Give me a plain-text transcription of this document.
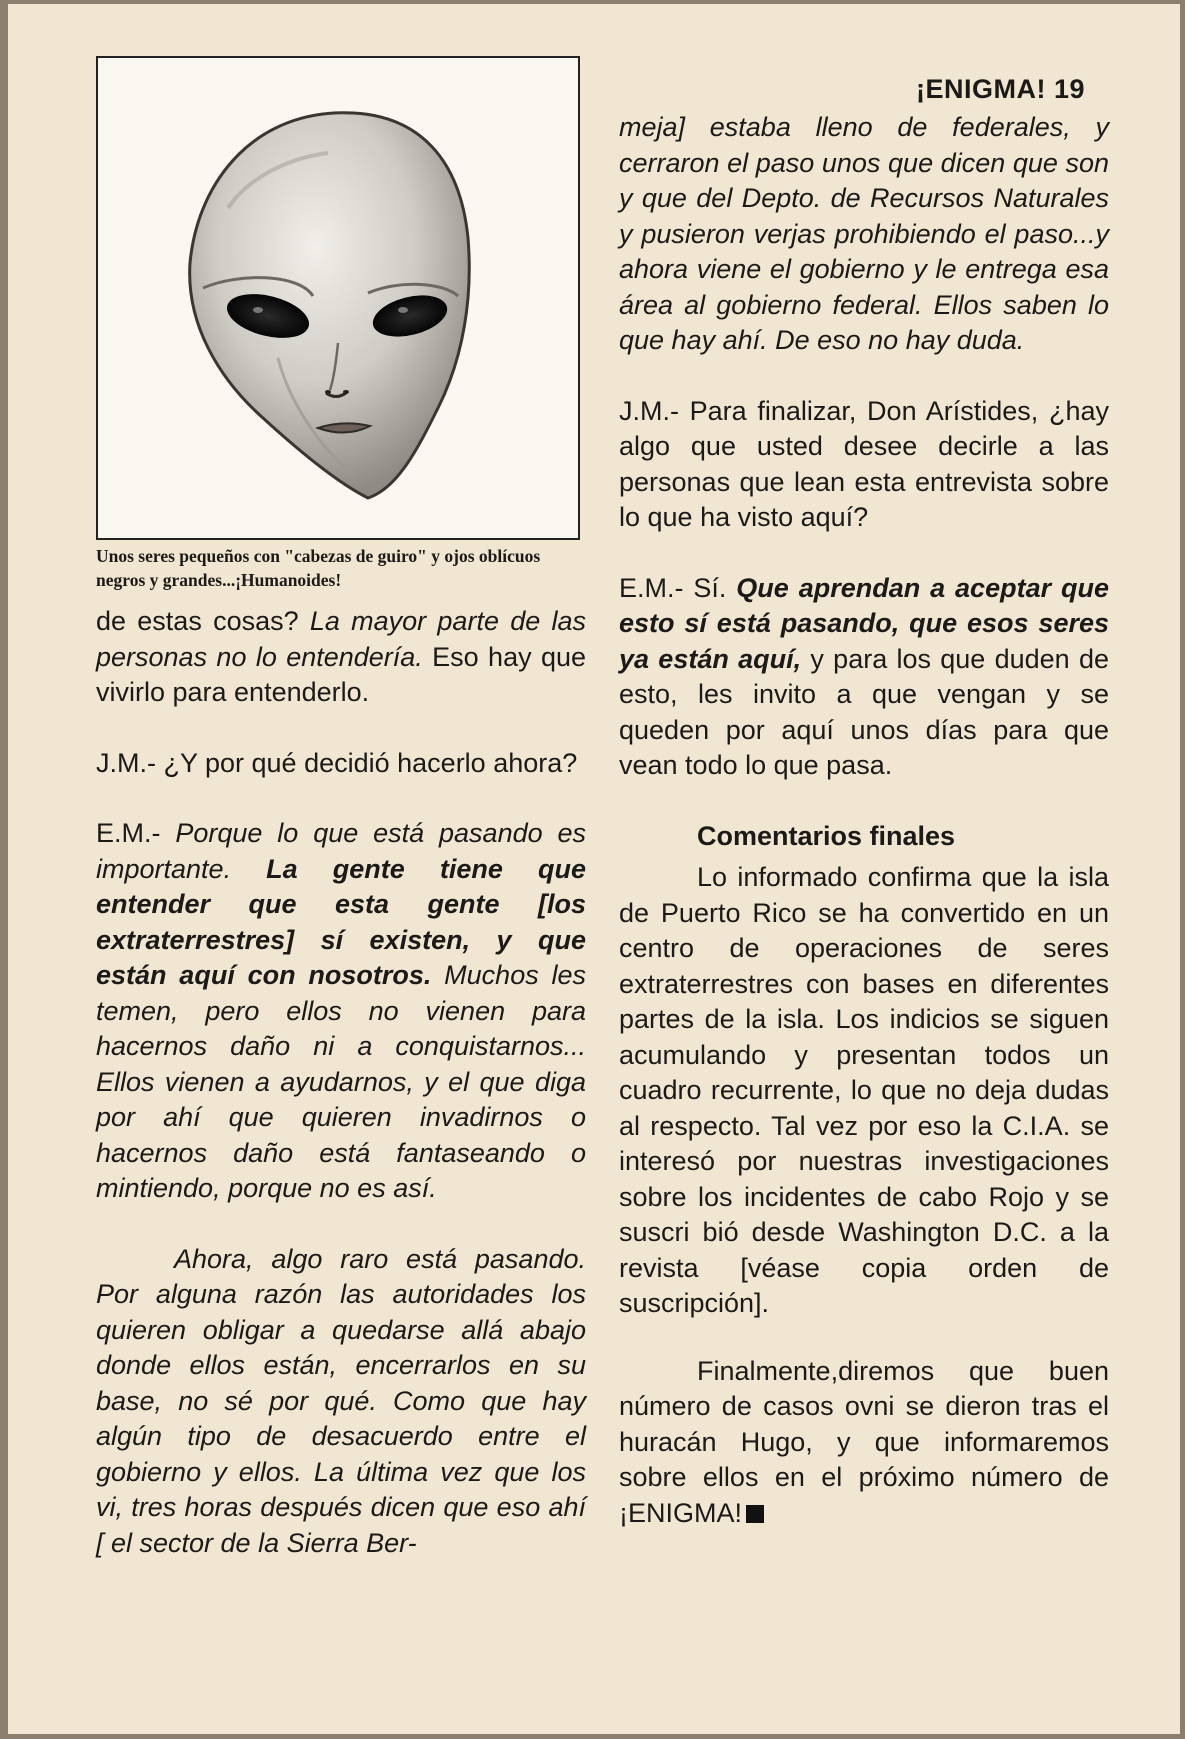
¡ENIGMA! 19
Unos seres pequeños con "cabezas de guiro" y ojos oblícuos negros y grandes...¡Humanoides!

de estas cosas? La mayor parte de las personas no lo entendería. Eso hay que vivirlo para entenderlo.

J.M.- ¿Y por qué decidió hacerlo ahora?

E.M.- Porque lo que está pasando es importante. La gente tiene que entender que esta gente [los extraterrestres] sí existen, y que están aquí con nosotros. Muchos les temen, pero ellos no vienen para hacernos daño ni a conquistarnos... Ellos vienen a ayudarnos, y el que diga por ahí que quieren invadirnos o hacernos daño está fantaseando o mintiendo, porque no es así.

Ahora, algo raro está pasando. Por alguna razón las autoridades los quieren obligar a quedarse allá abajo donde ellos están, encerrarlos en su base, no sé por qué. Como que hay algún tipo de desacuerdo entre el gobierno y ellos. La última vez que los vi, tres horas después dicen que eso ahí [ el sector de la Sierra Ber-

meja] estaba lleno de federales, y cerraron el paso unos que dicen que son y que del Depto. de Recursos Naturales y pusieron verjas prohibiendo el paso...y ahora viene el gobierno y le entrega esa área al gobierno federal. Ellos saben lo que hay ahí. De eso no hay duda.

J.M.- Para finalizar, Don Arístides, ¿hay algo que usted desee decirle a las personas que lean esta entrevista sobre lo que ha visto aquí?

E.M.- Sí. Que aprendan a aceptar que esto sí está pasando, que esos seres ya están aquí, y para los que duden de esto, les invito a que vengan y se queden por aquí unos días para que vean todo lo que pasa.

Comentarios finales

Lo informado confirma que la isla de Puerto Rico se ha convertido en un centro de operaciones de seres extraterrestres con bases en diferentes partes de la isla. Los indicios se siguen acumulando y presentan todos un cuadro recurrente, lo que no deja dudas al respecto. Tal vez por eso la C.I.A. se interesó por nuestras investigaciones sobre los incidentes de cabo Rojo y se suscri bió desde Washington D.C. a la revista [véase copia orden de suscripción].

Finalmente,diremos que buen número de casos ovni se dieron tras el huracán Hugo, y que informaremos sobre ellos en el próximo número de ¡ENIGMA!
